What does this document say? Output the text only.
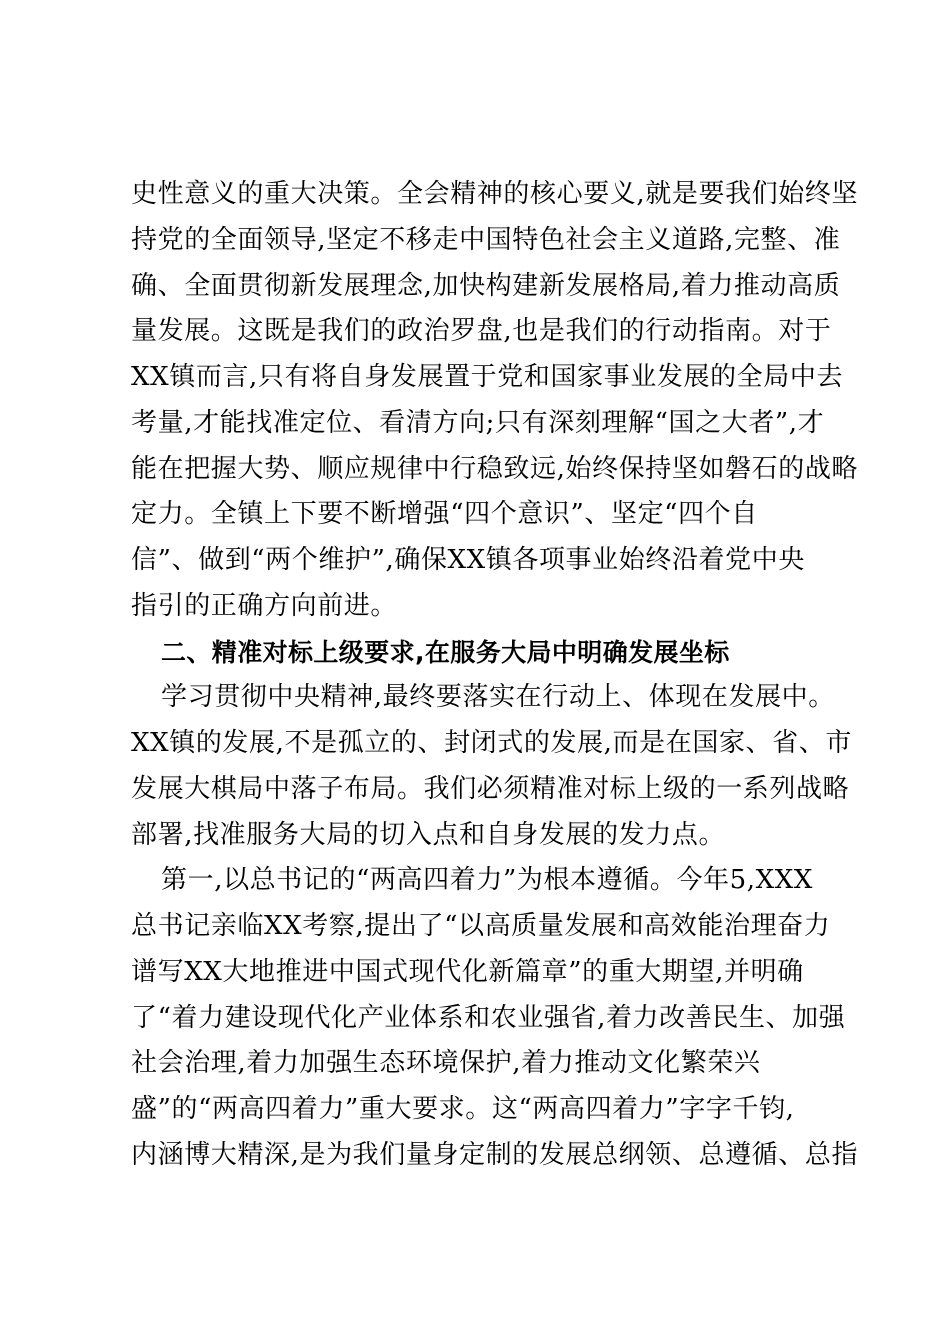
史性意义的重大决策。全会精神的核心要义,就是要我们始终坚
持党的全面领导,坚定不移走中国特色社会主义道路,完整、准
确、全面贯彻新发展理念,加快构建新发展格局,着力推动高质
量发展。这既是我们的政治罗盘,也是我们的行动指南。对于
XX镇而言,只有将自身发展置于党和国家事业发展的全局中去
考量,才能找准定位、看清方向;只有深刻理解“国之大者”,才
能在把握大势、顺应规律中行稳致远,始终保持坚如磐石的战略
定力。全镇上下要不断增强“四个意识”、坚定“四个自
信”、做到“两个维护”,确保XX镇各项事业始终沿着党中央
指引的正确方向前进。
二、精准对标上级要求,在服务大局中明确发展坐标
学习贯彻中央精神,最终要落实在行动上、体现在发展中。
XX镇的发展,不是孤立的、封闭式的发展,而是在国家、省、市
发展大棋局中落子布局。我们必须精准对标上级的一系列战略
部署,找准服务大局的切入点和自身发展的发力点。
第一,以总书记的“两高四着力”为根本遵循。今年5,XXX
总书记亲临XX考察,提出了“以高质量发展和高效能治理奋力
谱写XX大地推进中国式现代化新篇章”的重大期望,并明确
了“着力建设现代化产业体系和农业强省,着力改善民生、加强
社会治理,着力加强生态环境保护,着力推动文化繁荣兴
盛”的“两高四着力”重大要求。这“两高四着力”字字千钧,
内涵博大精深,是为我们量身定制的发展总纲领、总遵循、总指
